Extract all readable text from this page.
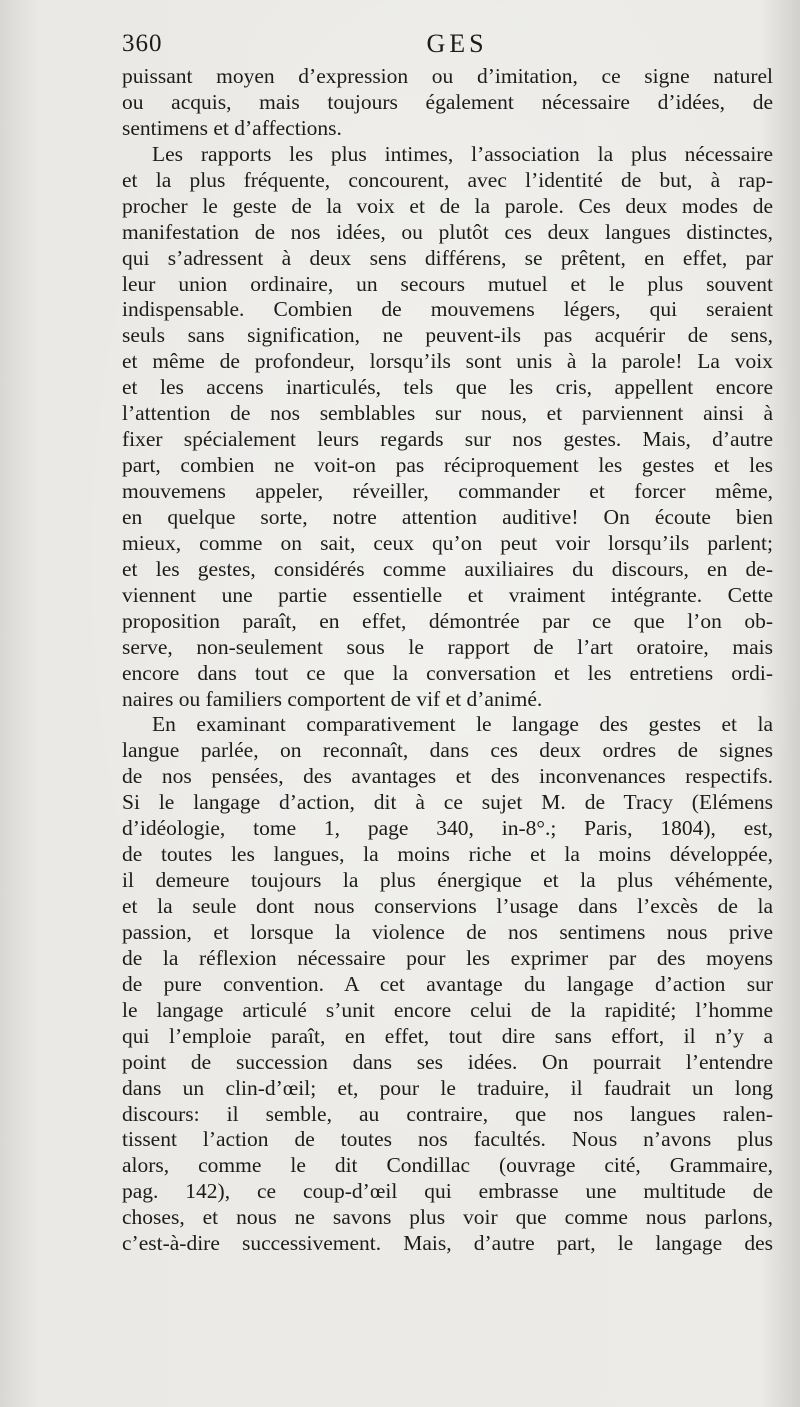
360	GES
puissant moyen d’expression ou d’imitation, ce signe naturel
ou acquis, mais toujours également nécessaire d’idées, de
sentimens et d’affections.
Les rapports les plus intimes, l’association la plus nécessaire
et la plus fréquente, concourent, avec l’identité de but, à rap-
procher le geste de la voix et de la parole. Ces deux modes de
manifestation de nos idées, ou plutôt ces deux langues distinctes,
qui s’adressent à deux sens différens, se prêtent, en effet, par
leur union ordinaire, un secours mutuel et le plus souvent
indispensable. Combien de mouvemens légers, qui seraient
seuls sans signification, ne peuvent-ils pas acquérir de sens,
et même de profondeur, lorsqu’ils sont unis à la parole! La voix
et les accens inarticulés, tels que les cris, appellent encore
l’attention de nos semblables sur nous, et parviennent ainsi à
fixer spécialement leurs regards sur nos gestes. Mais, d’autre
part, combien ne voit-on pas réciproquement les gestes et les
mouvemens appeler, réveiller, commander et forcer même,
en quelque sorte, notre attention auditive! On écoute bien
mieux, comme on sait, ceux qu’on peut voir lorsqu’ils parlent;
et les gestes, considérés comme auxiliaires du discours, en de-
viennent une partie essentielle et vraiment intégrante. Cette
proposition paraît, en effet, démontrée par ce que l’on ob-
serve, non-seulement sous le rapport de l’art oratoire, mais
encore dans tout ce que la conversation et les entretiens ordi-
naires ou familiers comportent de vif et d’animé.
En examinant comparativement le langage des gestes et la
langue parlée, on reconnaît, dans ces deux ordres de signes
de nos pensées, des avantages et des inconvenances respectifs.
Si le langage d’action, dit à ce sujet M. de Tracy (Elémens
d’idéologie, tome 1, page 340, in-8°.; Paris, 1804), est,
de toutes les langues, la moins riche et la moins développée,
il demeure toujours la plus énergique et la plus véhémente,
et la seule dont nous conservions l’usage dans l’excès de la
passion, et lorsque la violence de nos sentimens nous prive
de la réflexion nécessaire pour les exprimer par des moyens
de pure convention. A cet avantage du langage d’action sur
le langage articulé s’unit encore celui de la rapidité; l’homme
qui l’emploie paraît, en effet, tout dire sans effort, il n’y a
point de succession dans ses idées. On pourrait l’entendre
dans un clin-d’œil; et, pour le traduire, il faudrait un long
discours: il semble, au contraire, que nos langues ralen-
tissent l’action de toutes nos facultés. Nous n’avons plus
alors, comme le dit Condillac (ouvrage cité, Grammaire,
pag. 142), ce coup-d’œil qui embrasse une multitude de
choses, et nous ne savons plus voir que comme nous parlons,
c’est-à-dire successivement. Mais, d’autre part, le langage des
